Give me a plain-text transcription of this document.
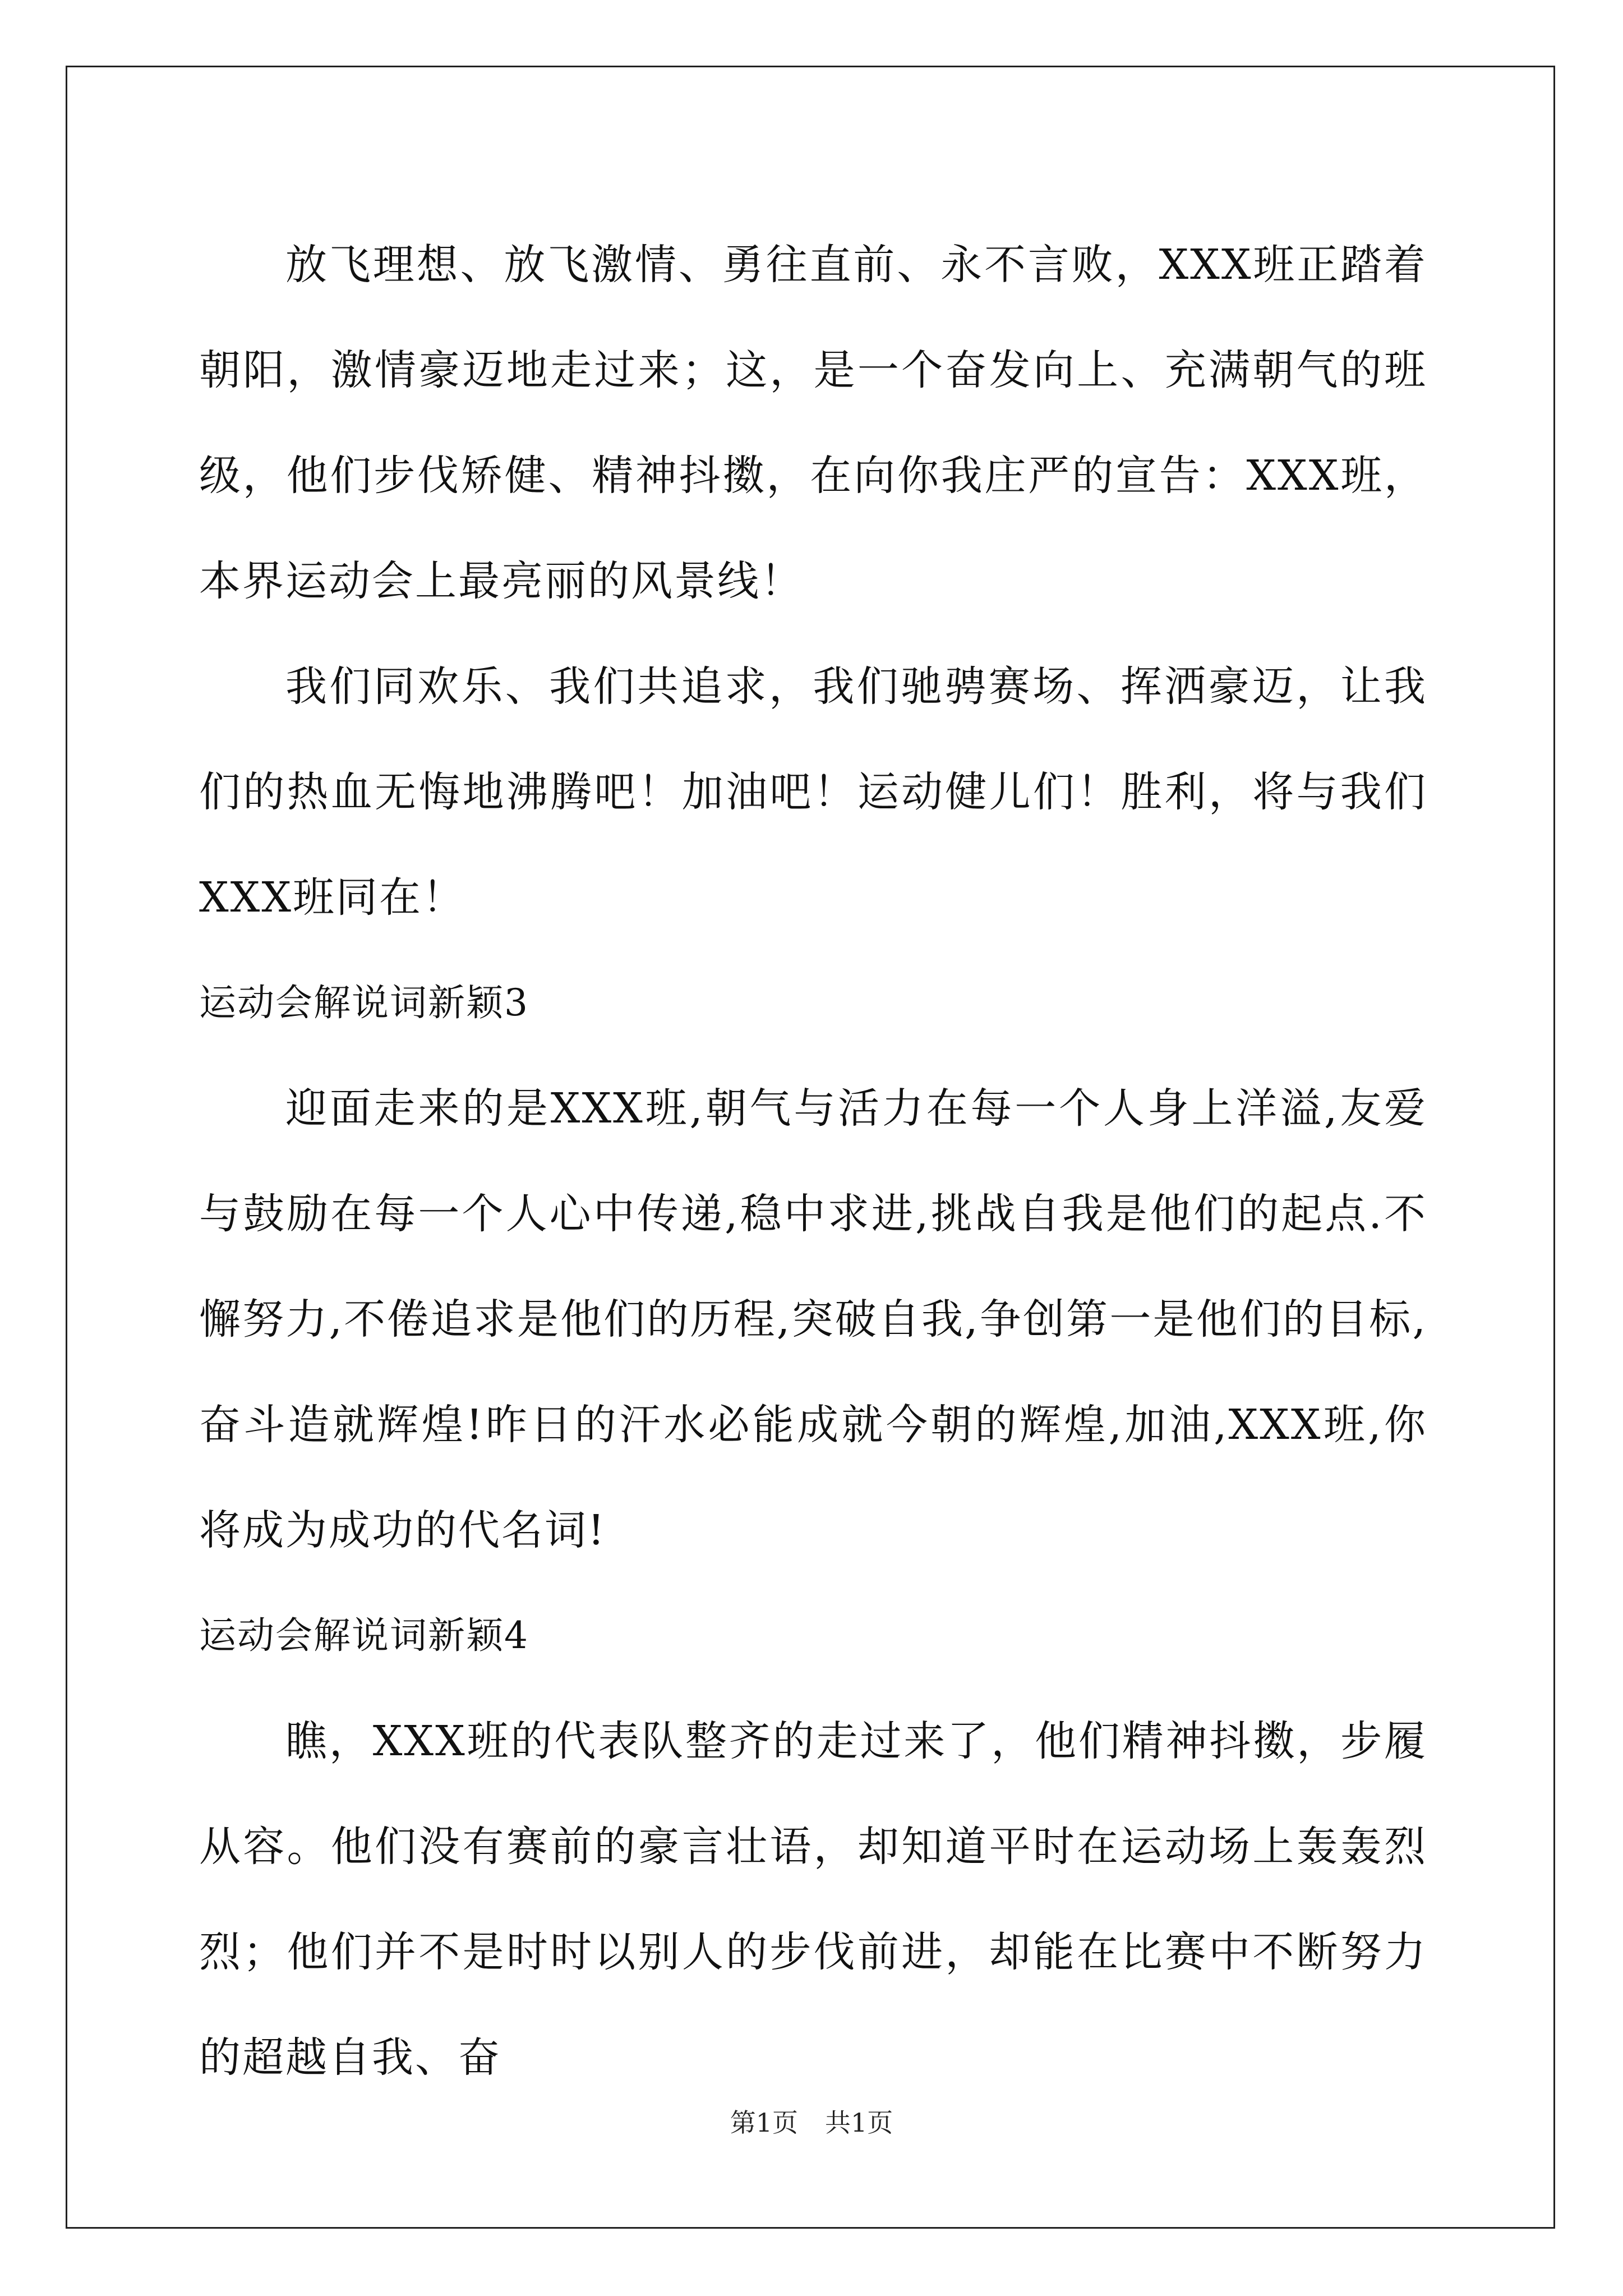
放飞理想、放飞激情、勇往直前、永不言败，XXX班正踏着朝阳，激情豪迈地走过来；这，是一个奋发向上、充满朝气的班级，他们步伐矫健、精神抖擞，在向你我庄严的宣告：XXX班，本界运动会上最亮丽的风景线！

我们同欢乐、我们共追求，我们驰骋赛场、挥洒豪迈，让我们的热血无悔地沸腾吧！加油吧！运动健儿们！胜利，将与我们XXX班同在！

运动会解说词新颖3

迎面走来的是XXX班,朝气与活力在每一个人身上洋溢,友爱与鼓励在每一个人心中传递,稳中求进,挑战自我是他们的起点.不懈努力,不倦追求是他们的历程,突破自我,争创第一是他们的目标,奋斗造就辉煌!昨日的汗水必能成就今朝的辉煌,加油,XXX班,你将成为成功的代名词!

运动会解说词新颖4

瞧，XXX班的代表队整齐的走过来了，他们精神抖擞，步履从容。他们没有赛前的豪言壮语，却知道平时在运动场上轰轰烈烈；他们并不是时时以别人的步伐前进，却能在比赛中不断努力的超越自我、奋

第1页 共1页
